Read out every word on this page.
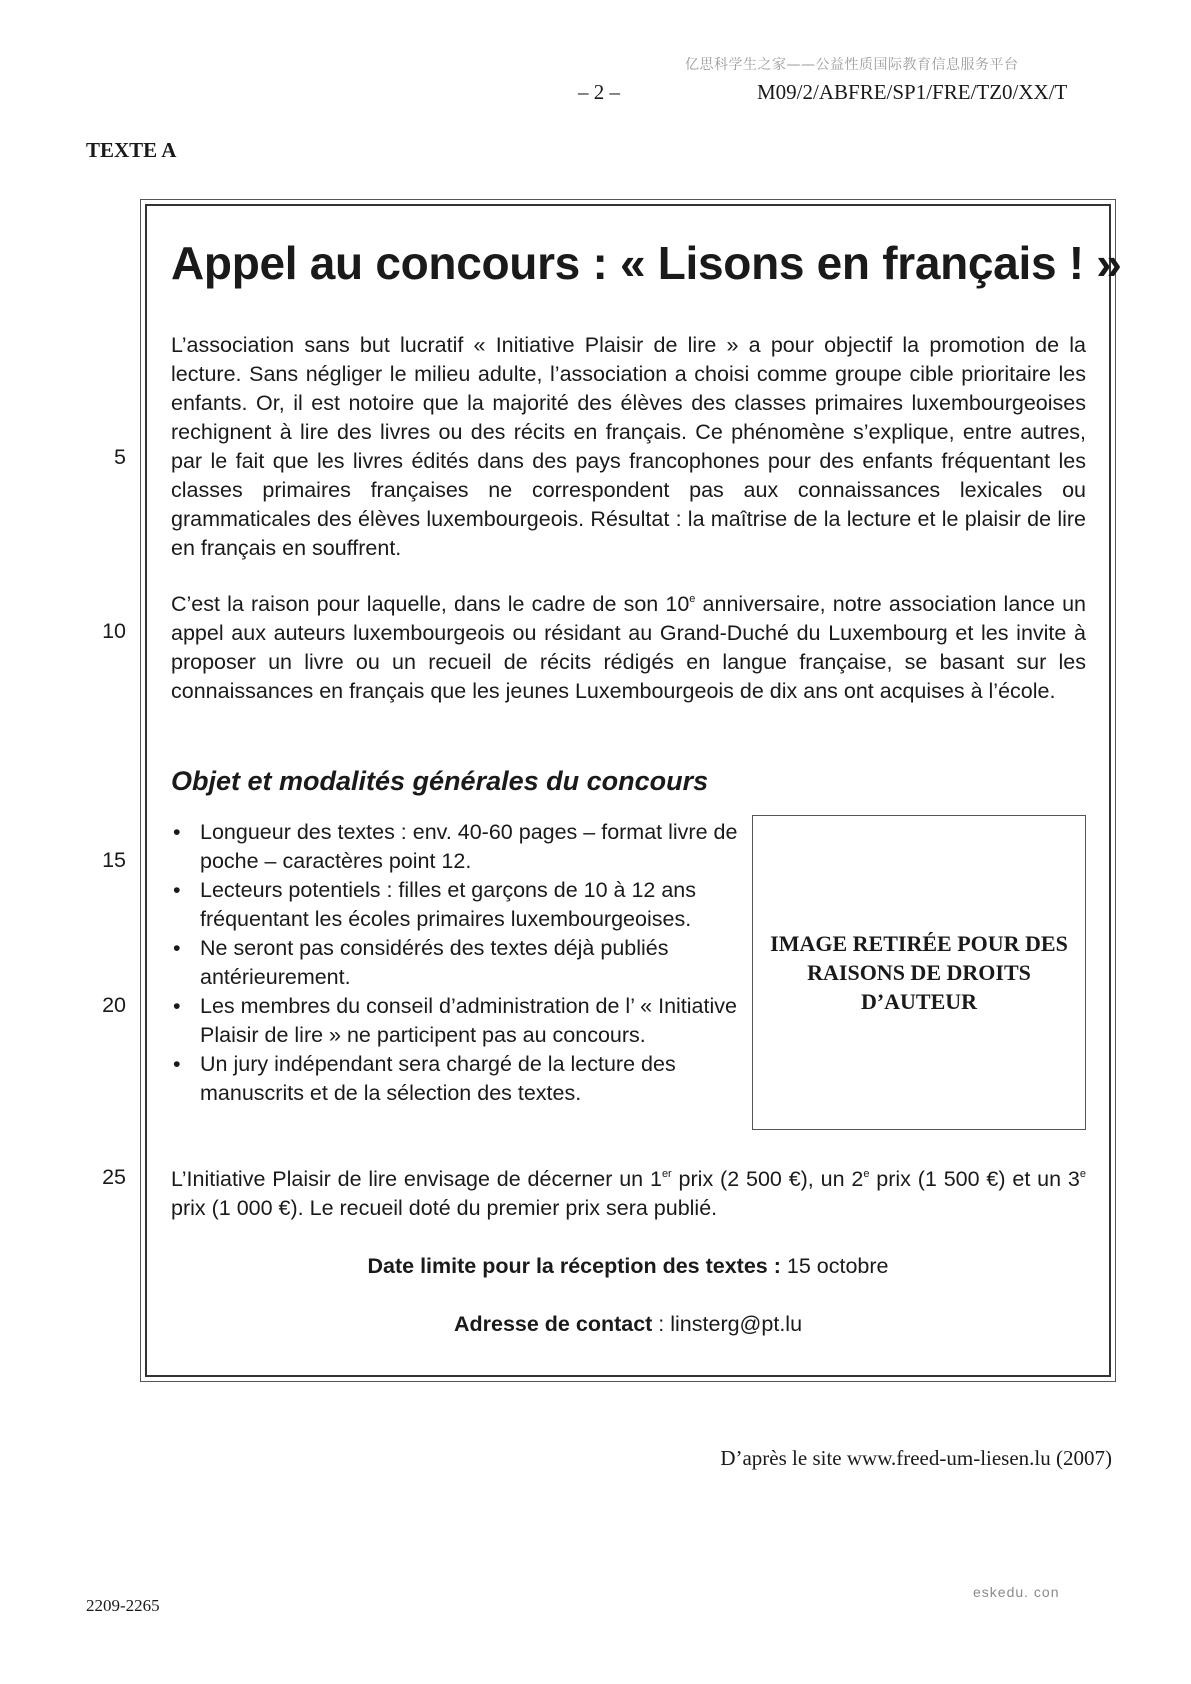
亿思科学生之家——公益性质国际教育信息服务平台
– 2 –	M09/2/ABFRE/SP1/FRE/TZ0/XX/T
TEXTE A
Appel au concours : « Lisons en français ! »
L’association sans but lucratif « Initiative Plaisir de lire » a pour objectif la promotion de la lecture. Sans négliger le milieu adulte, l’association a choisi comme groupe cible prioritaire les enfants. Or, il est notoire que la majorité des élèves des classes primaires luxembourgeoises rechignent à lire des livres ou des récits en français. Ce phénomène s’explique, entre autres, par le fait que les livres édités dans des pays francophones pour des enfants fréquentant les classes primaires françaises ne correspondent pas aux connaissances lexicales ou grammaticales des élèves luxembourgeois. Résultat : la maîtrise de la lecture et le plaisir de lire en français en souffrent.
C’est la raison pour laquelle, dans le cadre de son 10e anniversaire, notre association lance un appel aux auteurs luxembourgeois ou résidant au Grand-Duché du Luxembourg et les invite à proposer un livre ou un recueil de récits rédigés en langue française, se basant sur les connaissances en français que les jeunes Luxembourgeois de dix ans ont acquises à l’école.
Objet et modalités générales du concours
• Longueur des textes : env. 40-60 pages – format livre de poche – caractères point 12.
• Lecteurs potentiels : filles et garçons de 10 à 12 ans fréquentant les écoles primaires luxembourgeoises.
• Ne seront pas considérés des textes déjà publiés antérieurement.
• Les membres du conseil d’administration de l’ « Initiative Plaisir de lire » ne participent pas au concours.
• Un jury indépendant sera chargé de la lecture des manuscrits et de la sélection des textes.
IMAGE RETIRÉE POUR DES RAISONS DE DROITS D’AUTEUR
L’Initiative Plaisir de lire envisage de décerner un 1er prix (2 500 €), un 2e prix (1 500 €) et un 3e prix (1 000 €). Le recueil doté du premier prix sera publié.
Date limite pour la réception des textes : 15 octobre
Adresse de contact : linsterg@pt.lu
5
10
15
20
25
D’après le site www.freed-um-liesen.lu (2007)
eskedu. con
2209-2265
